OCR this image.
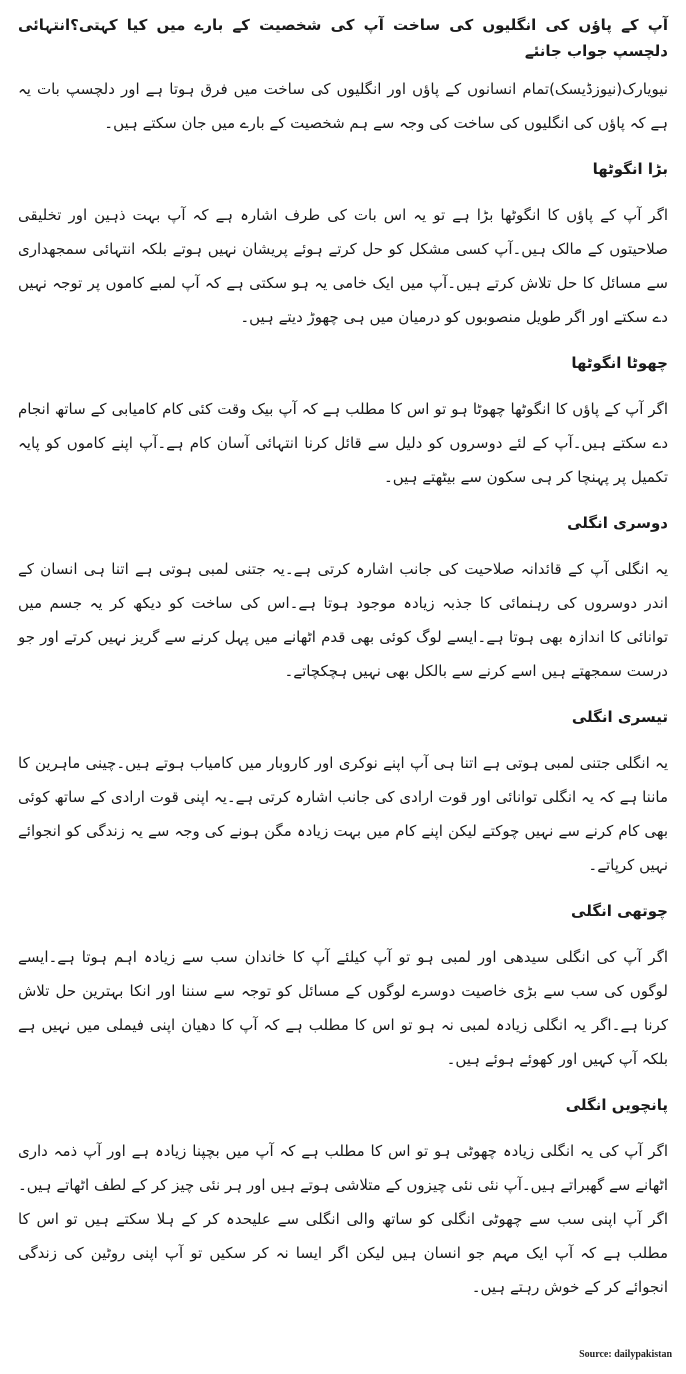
آپ کے پاؤں کی انگلیوں کی ساخت آپ کی شخصیت کے بارے میں کیا کہتی؟انتہائی دلچسپ جواب جانئے

نیویارک(نیوزڈیسک)تمام انسانوں کے پاؤں اور انگلیوں کی ساخت میں فرق ہوتا ہے اور دلچسپ بات یہ ہے کہ پاؤں کی انگلیوں کی ساخت کی وجہ سے ہم شخصیت کے بارے میں جان سکتے ہیں۔

بڑا انگوٹھا

اگر آپ کے پاؤں کا انگوٹھا بڑا ہے تو یہ اس بات کی طرف اشارہ ہے کہ آپ بہت ذہین اور تخلیقی صلاحیتوں کے مالک ہیں۔آپ کسی مشکل کو حل کرتے ہوئے پریشان نہیں ہوتے بلکہ انتہائی سمجھداری سے مسائل کا حل تلاش کرتے ہیں۔آپ میں ایک خامی یہ ہو سکتی ہے کہ آپ لمبے کاموں پر توجہ نہیں دے سکتے اور اگر طویل منصوبوں کو درمیان میں ہی چھوڑ دیتے ہیں۔

چھوٹا انگوٹھا

اگر آپ کے پاؤں کا انگوٹھا چھوٹا ہو تو اس کا مطلب ہے کہ آپ بیک وقت کئی کام کامیابی کے ساتھ انجام دے سکتے ہیں۔آپ کے لئے دوسروں کو دلیل سے قائل کرنا انتہائی آسان کام ہے۔آپ اپنے کاموں کو پایہ تکمیل پر پہنچا کر ہی سکون سے بیٹھتے ہیں۔

دوسری انگلی

یہ انگلی آپ کے قائدانہ صلاحیت کی جانب اشارہ کرتی ہے۔یہ جتنی لمبی ہوتی ہے اتنا ہی انسان کے اندر دوسروں کی رہنمائی کا جذبہ زیادہ موجود ہوتا ہے۔اس کی ساخت کو دیکھ کر یہ جسم میں توانائی کا اندازہ بھی ہوتا ہے۔ایسے لوگ کوئی بھی قدم اٹھانے میں پہل کرنے سے گریز نہیں کرتے اور جو درست سمجھتے ہیں اسے کرنے سے بالکل بھی نہیں ہچکچاتے۔

تیسری انگلی

یہ انگلی جتنی لمبی ہوتی ہے اتنا ہی آپ اپنے نوکری اور کاروبار میں کامیاب ہوتے ہیں۔چینی ماہرین کا ماننا ہے کہ یہ انگلی توانائی اور قوت ارادی کی جانب اشارہ کرتی ہے۔یہ اپنی قوت ارادی کے ساتھ کوئی بھی کام کرنے سے نہیں چوکتے لیکن اپنے کام میں بہت زیادہ مگن ہونے کی وجہ سے یہ زندگی کو انجوائے نہیں کرپاتے۔

چوتھی انگلی

اگر آپ کی انگلی سیدھی اور لمبی ہو تو آپ کیلئے آپ کا خاندان سب سے زیادہ اہم ہوتا ہے۔ایسے لوگوں کی سب سے بڑی خاصیت دوسرے لوگوں کے مسائل کو توجہ سے سننا اور انکا بہترین حل تلاش کرنا ہے۔اگر یہ انگلی زیادہ لمبی نہ ہو تو اس کا مطلب ہے کہ آپ کا دھیان اپنی فیملی میں نہیں ہے بلکہ آپ کہیں اور کھوئے ہوئے ہیں۔

پانچویں انگلی

اگر آپ کی یہ انگلی زیادہ چھوٹی ہو تو اس کا مطلب ہے کہ آپ میں بچپنا زیادہ ہے اور آپ ذمہ داری اٹھانے سے گھبراتے ہیں۔آپ نئی نئی چیزوں کے متلاشی ہوتے ہیں اور ہر نئی چیز کر کے لطف اٹھاتے ہیں۔اگر آپ اپنی سب سے چھوٹی انگلی کو ساتھ والی انگلی سے علیحدہ کر کے ہلا سکتے ہیں تو اس کا مطلب ہے کہ آپ ایک مہم جو انسان ہیں لیکن اگر ایسا نہ کر سکیں تو آپ اپنی روٹین کی زندگی انجوائے کر کے خوش رہتے ہیں۔

Source: dailypakistan
